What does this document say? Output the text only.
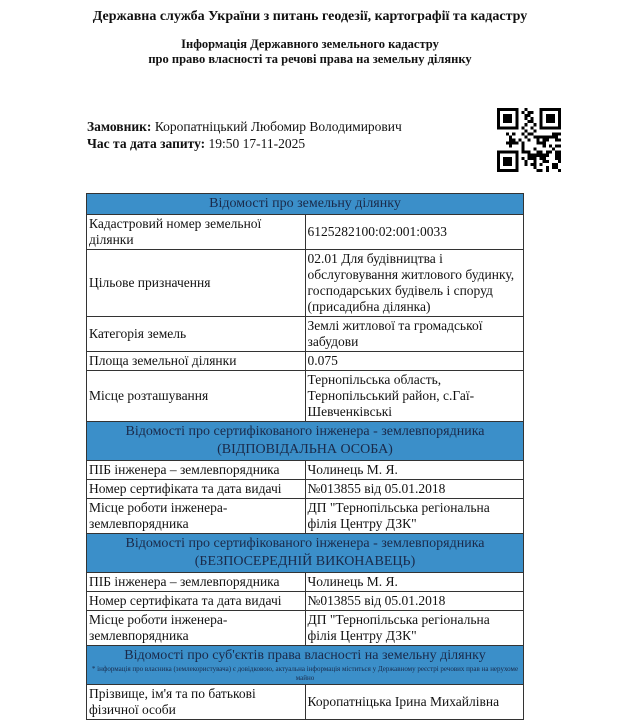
Державна служба України з питань геодезії, картографії та кадастру
Інформація Державного земельного кадастру
про право власності та речові права на земельну ділянку
Замовник: Коропатніцький Любомир Володимирович
Час та дата запиту: 19:50 17-11-2025
Відомості про земельну ділянку	
Кадастровий номер земельної ділянки	6125282100:02:001:0033
Цільове призначення	02.01 Для будівництва і обслуговування житлового будинку, господарських будівель і споруд (присадибна ділянка)
Категорія земель	Землі житлової та громадської забудови
Площа земельної ділянки	0.075
Місце розташування	Тернопільська область, Тернопільський район, с.Гаї-Шевченківські
Відомості про сертифікованого інженера - землевпорядника (ВІДПОВІДАЛЬНА ОСОБА)	
ПІБ інженера – землевпорядника	Чолинець М. Я.
Номер сертифіката та дата видачі	№013855 від 05.01.2018
Місце роботи інженера-землевпорядника	ДП "Тернопільська регіональна філія Центру ДЗК"
Відомості про сертифікованого інженера - землевпорядника (БЕЗПОСЕРЕДНІЙ ВИКОНАВЕЦЬ)	
ПІБ інженера – землевпорядника	Чолинець М. Я.
Номер сертифіката та дата видачі	№013855 від 05.01.2018
Місце роботи інженера-землевпорядника	ДП "Тернопільська регіональна філія Центру ДЗК"
Відомості про суб'єктів права власності на земельну ділянку
* інформація про власника (землекористувача) є довідковою, актуальна інформація міститься у Державному реєстрі речових прав на нерухоме майно	

Прізвище, ім'я та по батькові фізичної особи	Коропатніцька Ірина Михайлівна
